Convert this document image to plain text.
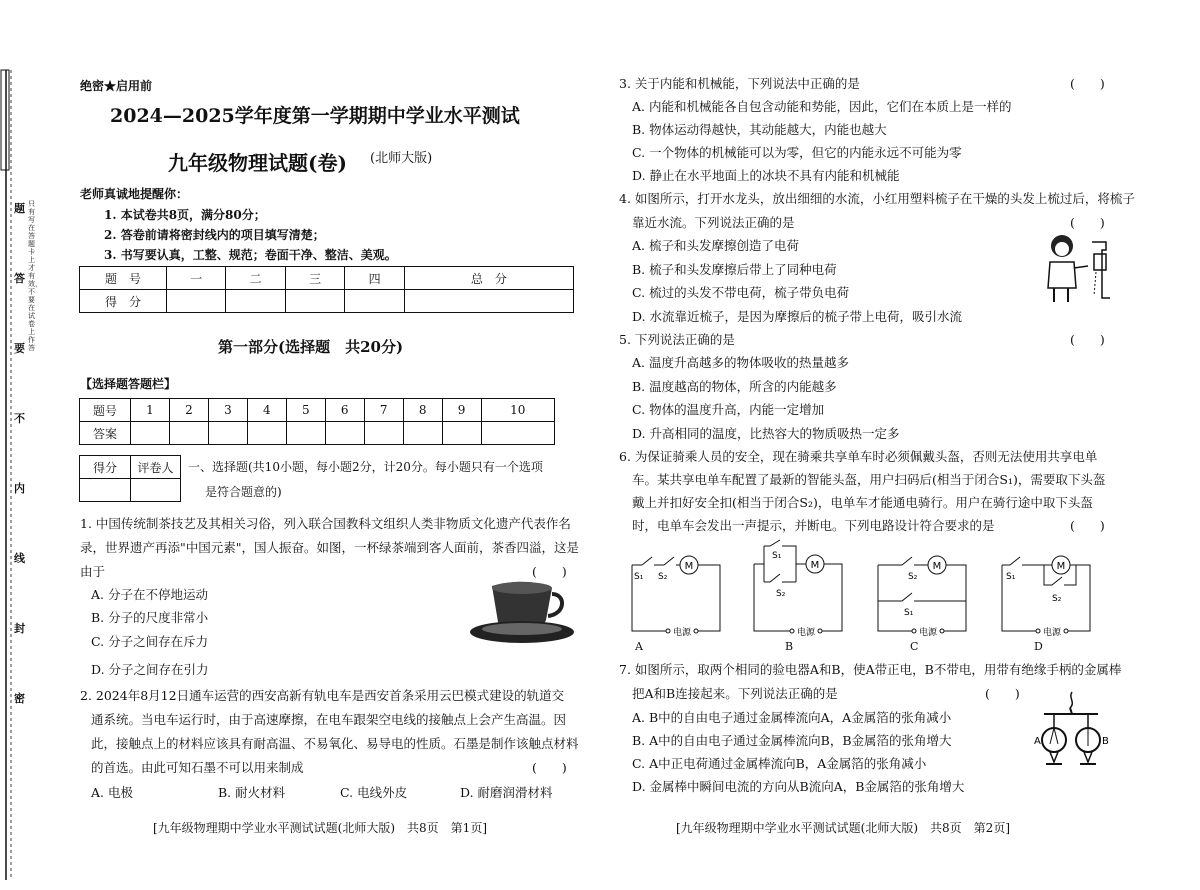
题
答
要
不
内
线
封
密
只有写在答题卡上才有效，不要在试卷上作答
绝密★启用前
2024—2025学年度第一学期期中学业水平测试
九年级物理试题(卷) (北师大版)
老师真诚地提醒你：
1. 本试卷共8页，满分80分；
2. 答卷前请将密封线内的项目填写清楚；
3. 书写要认真，工整、规范；卷面干净、整洁、美观。
题　号	一	二	三	四	总　分
得　分					
第一部分(选择题　共20分)
【选择题答题栏】
题号	1	2	3	4	5	6	7	8	9	10
答案										
得分	评卷人
	一、选择题(共10小题，每小题2分，计20分。每小题只有一个选项
是符合题意的)
1. 中国传统制茶技艺及其相关习俗，列入联合国教科文组织人类非物质文化遗产代表作名
录，世界遗产再添"中国元素"，国人振奋。如图，一杯绿茶端到客人面前，茶香四溢，这是
由于	(　　)
A. 分子在不停地运动
B. 分子的尺度非常小
C. 分子之间存在斥力
D. 分子之间存在引力
2. 2024年8月12日通车运营的西安高新有轨电车是西安首条采用云巴模式建设的轨道交
通系统。当电车运行时，由于高速摩擦，在电车跟架空电线的接触点上会产生高温。因
此，接触点上的材料应该具有耐高温、不易氧化、易导电的性质。石墨是制作该触点材料
的首选。由此可知石墨不可以用来制成	(　　)
A. 电极	B. 耐火材料	C. 电线外皮	D. 耐磨润滑材料
[九年级物理期中学业水平测试试题(北师大版)　共8页　第1页]
3. 关于内能和机械能，下列说法中正确的是	(　　)
A. 内能和机械能各自包含动能和势能，因此，它们在本质上是一样的
B. 物体运动得越快，其动能越大，内能也越大
C. 一个物体的机械能可以为零，但它的内能永远不可能为零
D. 静止在水平地面上的冰块不具有内能和机械能
4. 如图所示，打开水龙头，放出细细的水流，小红用塑料梳子在干燥的头发上梳过后，将梳子
靠近水流。下列说法正确的是	(　　)
A. 梳子和头发摩擦创造了电荷
B. 梳子和头发摩擦后带上了同种电荷
C. 梳过的头发不带电荷，梳子带负电荷
D. 水流靠近梳子，是因为摩擦后的梳子带上电荷，吸引水流
5. 下列说法正确的是	(　　)
A. 温度升高越多的物体吸收的热量越多
B. 温度越高的物体，所含的内能越多
C. 物体的温度升高，内能一定增加
D. 升高相同的温度，比热容大的物质吸热一定多
6. 为保证骑乘人员的安全，现在骑乘共享单车时必须佩戴头盔，否则无法使用共享电单
车。某共享电单车配置了最新的智能头盔，用户扫码后(相当于闭合S₁)，需要取下头盔
戴上并扣好安全扣(相当于闭合S₂)，电单车才能通电骑行。用户在骑行途中取下头盔
时，电单车会发出一声提示，并断电。下列电路设计符合要求的是	(　　)
M
S₁ S₂
电源
A
M
S₁
S₂
电源
B
M
S₂
S₁
电源
C
M
S₁
S₂
电源
D
7. 如图所示，取两个相同的验电器A和B，使A带正电，B不带电，用带有绝缘手柄的金属棒
把A和B连接起来。下列说法正确的是	(　　)
A. B中的自由电子通过金属棒流向A，A金属箔的张角减小
B. A中的自由电子通过金属棒流向B，B金属箔的张角增大
C. A中正电荷通过金属棒流向B，A金属箔的张角减小
D. 金属棒中瞬间电流的方向从B流向A，B金属箔的张角增大
A	B
[九年级物理期中学业水平测试试题(北师大版)　共8页　第2页]
